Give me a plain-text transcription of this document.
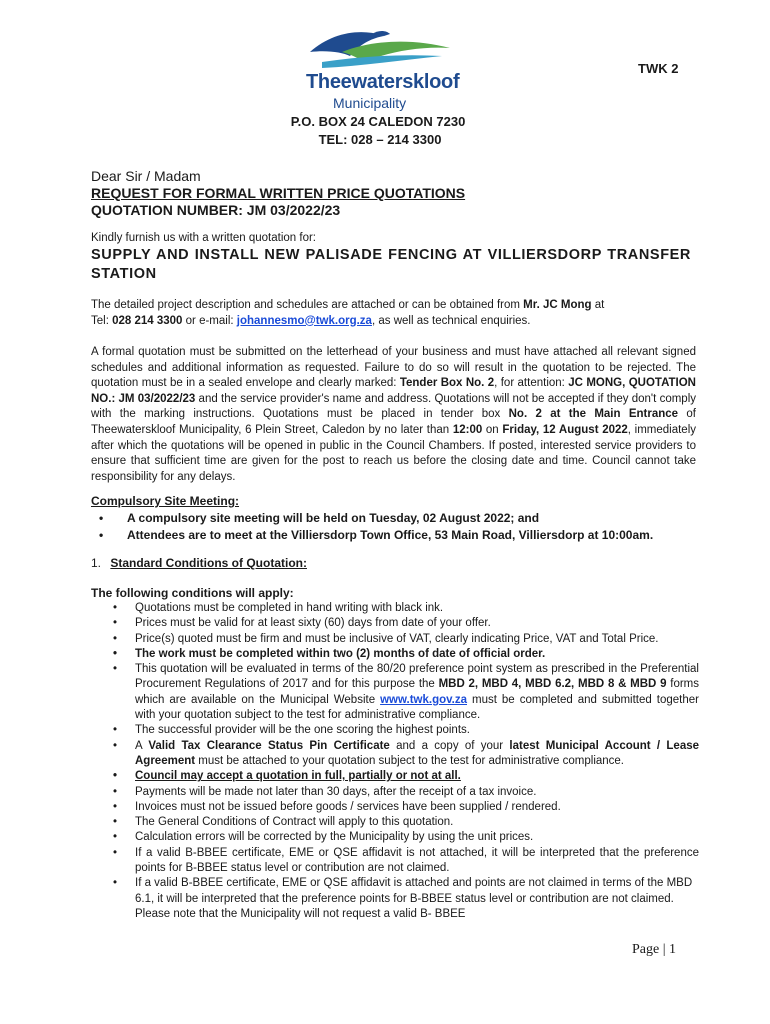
Theewaterskloof
Municipality
TWK 2
P.O. BOX 24 CALEDON 7230
TEL: 028 – 214 3300
Dear Sir / Madam
REQUEST FOR FORMAL WRITTEN PRICE QUOTATIONS
QUOTATION NUMBER: JM 03/2022/23
Kindly furnish us with a written quotation for:
SUPPLY AND INSTALL NEW PALISADE FENCING AT VILLIERSDORP TRANSFER STATION
The detailed project description and schedules are attached or can be obtained from Mr. JC Mong at
Tel: 028 214 3300 or e-mail: johannesmo@twk.org.za, as well as technical enquiries.
A formal quotation must be submitted on the letterhead of your business and must have attached all relevant signed schedules and additional information as requested. Failure to do so will result in the quotation to be rejected. The quotation must be in a sealed envelope and clearly marked: Tender Box No. 2, for attention: JC MONG, QUOTATION NO.: JM 03/2022/23 and the service provider's name and address. Quotations will not be accepted if they don't comply with the marking instructions. Quotations must be placed in tender box No. 2 at the Main Entrance of Theewaterskloof Municipality, 6 Plein Street, Caledon by no later than 12:00 on Friday, 12 August 2022, immediately after which the quotations will be opened in public in the Council Chambers. If posted, interested service providers to ensure that sufficient time are given for the post to reach us before the closing date and time. Council cannot take responsibility for any delays.
Compulsory Site Meeting:
• A compulsory site meeting will be held on Tuesday, 02 August 2022; and
• Attendees are to meet at the Villiersdorp Town Office, 53 Main Road, Villiersdorp at 10:00am.
1. Standard Conditions of Quotation:
The following conditions will apply:
• Quotations must be completed in hand writing with black ink.
• Prices must be valid for at least sixty (60) days from date of your offer.
• Price(s) quoted must be firm and must be inclusive of VAT, clearly indicating Price, VAT and Total Price.
• The work must be completed within two (2) months of date of official order.
• This quotation will be evaluated in terms of the 80/20 preference point system as prescribed in the Preferential Procurement Regulations of 2017 and for this purpose the MBD 2, MBD 4, MBD 6.2, MBD 8 & MBD 9 forms which are available on the Municipal Website www.twk.gov.za must be completed and submitted together with your quotation subject to the test for administrative compliance.
• The successful provider will be the one scoring the highest points.
• A Valid Tax Clearance Status Pin Certificate and a copy of your latest Municipal Account / Lease Agreement must be attached to your quotation subject to the test for administrative compliance.
• Council may accept a quotation in full, partially or not at all.
• Payments will be made not later than 30 days, after the receipt of a tax invoice.
• Invoices must not be issued before goods / services have been supplied / rendered.
• The General Conditions of Contract will apply to this quotation.
• Calculation errors will be corrected by the Municipality by using the unit prices.
• If a valid B-BBEE certificate, EME or QSE affidavit is not attached, it will be interpreted that the preference points for B-BBEE status level or contribution are not claimed.
• If a valid B-BBEE certificate, EME or QSE affidavit is attached and points are not claimed in terms of the MBD 6.1, it will be interpreted that the preference points for B-BBEE status level or contribution are not claimed. Please note that the Municipality will not request a valid B- BBEE
Page | 1
